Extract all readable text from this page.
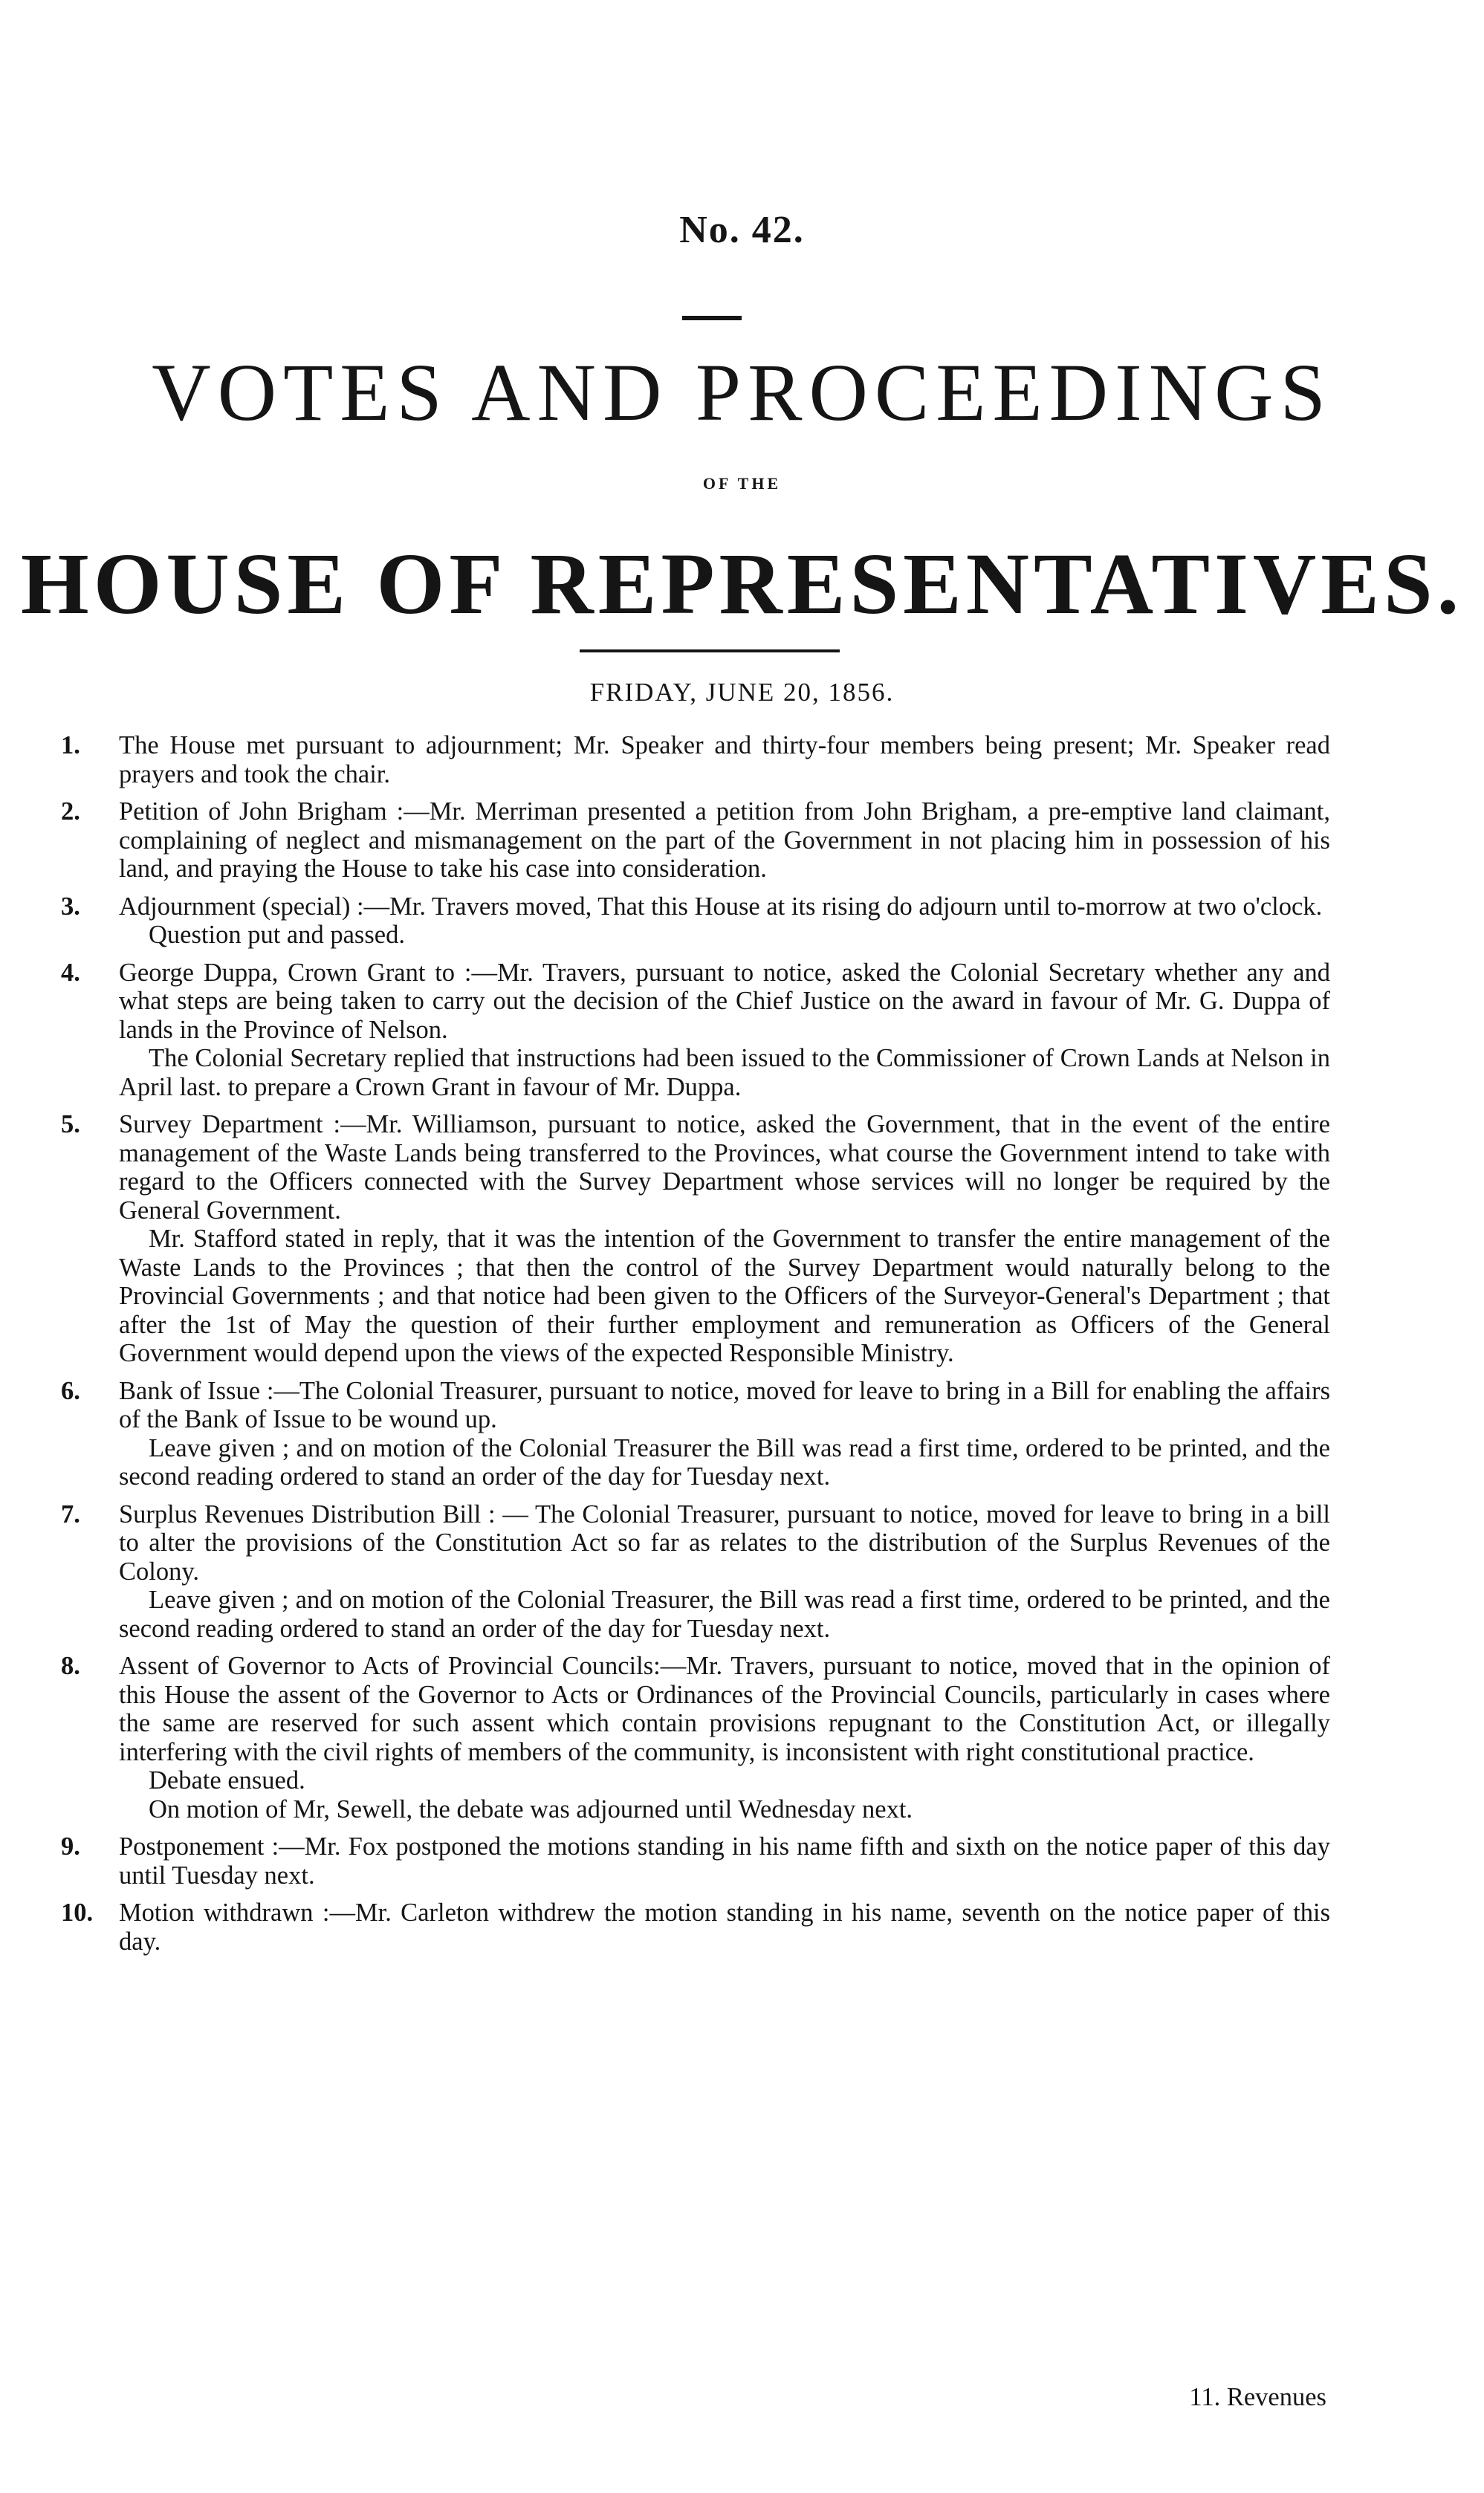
No. 42.
VOTES AND PROCEEDINGS
OF THE
HOUSE OF REPRESENTATIVES.
FRIDAY, JUNE 20, 1856.
1. The House met pursuant to adjournment; Mr. Speaker and thirty-four members being present; Mr. Speaker read prayers and took the chair.
2. Petition of John Brigham :—Mr. Merriman presented a petition from John Brigham, a pre-emptive land claimant, complaining of neglect and mismanagement on the part of the Government in not placing him in possession of his land, and praying the House to take his case into consideration.
3. Adjournment (special) :—Mr. Travers moved, That this House at its rising do adjourn until to-morrow at two o'clock.
Question put and passed.
4. George Duppa, Crown Grant to :—Mr. Travers, pursuant to notice, asked the Colonial Secretary whether any and what steps are being taken to carry out the decision of the Chief Justice on the award in favour of Mr. G. Duppa of lands in the Province of Nelson.
The Colonial Secretary replied that instructions had been issued to the Commissioner of Crown Lands at Nelson in April last. to prepare a Crown Grant in favour of Mr. Duppa.
5. Survey Department :—Mr. Williamson, pursuant to notice, asked the Government, that in the event of the entire management of the Waste Lands being transferred to the Provinces, what course the Government intend to take with regard to the Officers connected with the Survey Department whose services will no longer be required by the General Government.
Mr. Stafford stated in reply, that it was the intention of the Government to transfer the entire management of the Waste Lands to the Provinces ; that then the control of the Survey Department would naturally belong to the Provincial Governments ; and that notice had been given to the Officers of the Surveyor-General's Department ; that after the 1st of May the question of their further employment and remuneration as Officers of the General Government would depend upon the views of the expected Responsible Ministry.
6. Bank of Issue :—The Colonial Treasurer, pursuant to notice, moved for leave to bring in a Bill for enabling the affairs of the Bank of Issue to be wound up.
Leave given ; and on motion of the Colonial Treasurer the Bill was read a first time, ordered to be printed, and the second reading ordered to stand an order of the day for Tuesday next.
7. Surplus Revenues Distribution Bill : — The Colonial Treasurer, pursuant to notice, moved for leave to bring in a bill to alter the provisions of the Constitution Act so far as relates to the distribution of the Surplus Revenues of the Colony.
Leave given ; and on motion of the Colonial Treasurer, the Bill was read a first time, ordered to be printed, and the second reading ordered to stand an order of the day for Tuesday next.
8. Assent of Governor to Acts of Provincial Councils:—Mr. Travers, pursuant to notice, moved that in the opinion of this House the assent of the Governor to Acts or Ordinances of the Provincial Councils, particularly in cases where the same are reserved for such assent which contain provisions repugnant to the Constitution Act, or illegally interfering with the civil rights of members of the community, is inconsistent with right constitutional practice.
Debate ensued.
On motion of Mr, Sewell, the debate was adjourned until Wednesday next.
9. Postponement :—Mr. Fox postponed the motions standing in his name fifth and sixth on the notice paper of this day until Tuesday next.
10. Motion withdrawn :—Mr. Carleton withdrew the motion standing in his name, seventh on the notice paper of this day.
11. Revenues
